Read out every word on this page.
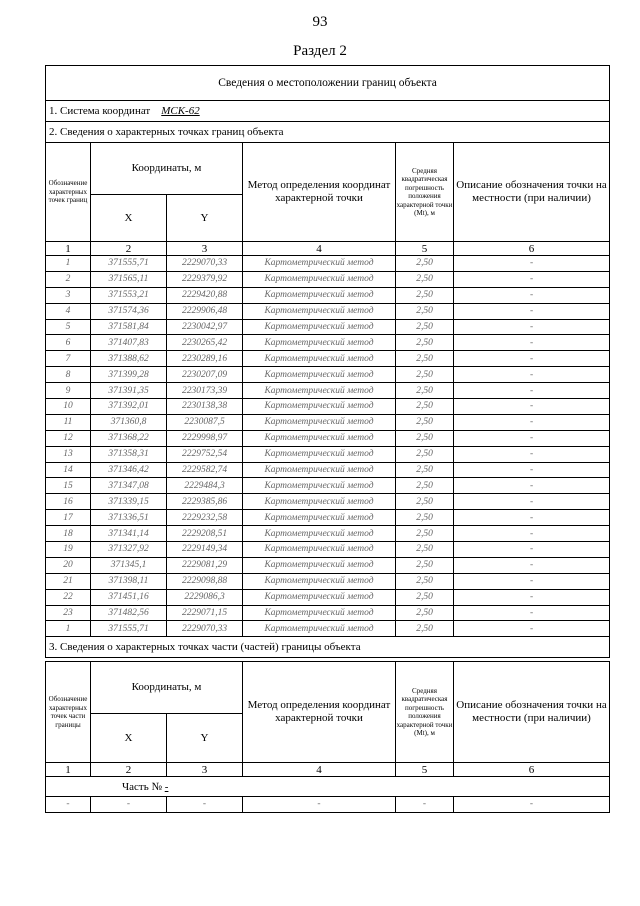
93
Раздел 2
Сведения о местоположении границ объекта					
1. Система координат МСК-62					
2. Сведения о характерных точках границ объекта					
Обозначение характерных точек границ	Координаты, м		Метод определения координат характерной точки	Средняя квадратическая погрешность положения характерной точки (Mt), м	Описание обозначения точки на местности (при наличии)
	X	Y			
1	2	3	4	5	6
1	371555,71	2229070,33	Картометрический метод	2,50	-
2	371565,11	2229379,92	Картометрический метод	2,50	-
3	371553,21	2229420,88	Картометрический метод	2,50	-
4	371574,36	2229906,48	Картометрический метод	2,50	-
5	371581,84	2230042,97	Картометрический метод	2,50	-
6	371407,83	2230265,42	Картометрический метод	2,50	-
7	371388,62	2230289,16	Картометрический метод	2,50	-
8	371399,28	2230207,09	Картометрический метод	2,50	-
9	371391,35	2230173,39	Картометрический метод	2,50	-
10	371392,01	2230138,38	Картометрический метод	2,50	-
11	371360,8	2230087,5	Картометрический метод	2,50	-
12	371368,22	2229998,97	Картометрический метод	2,50	-
13	371358,31	2229752,54	Картометрический метод	2,50	-
14	371346,42	2229582,74	Картометрический метод	2,50	-
15	371347,08	2229484,3	Картометрический метод	2,50	-
16	371339,15	2229385,86	Картометрический метод	2,50	-
17	371336,51	2229232,58	Картометрический метод	2,50	-
18	371341,14	2229208,51	Картометрический метод	2,50	-
19	371327,92	2229149,34	Картометрический метод	2,50	-
20	371345,1	2229081,29	Картометрический метод	2,50	-
21	371398,11	2229098,88	Картометрический метод	2,50	-
22	371451,16	2229086,3	Картометрический метод	2,50	-
23	371482,56	2229071,15	Картометрический метод	2,50	-
1	371555,71	2229070,33	Картометрический метод	2,50	-
3. Сведения о характерных точках части (частей) границы объекта					
Обозначение характерных точек части границы	Координаты, м		Метод определения координат характерной точки	Средняя квадратическая погрешность положения характерной точки (Mt), м	Описание обозначения точки на местности (при наличии)
	X	Y			
1	2	3	4	5	6
Часть № -					
-	-	-	-	-	-
